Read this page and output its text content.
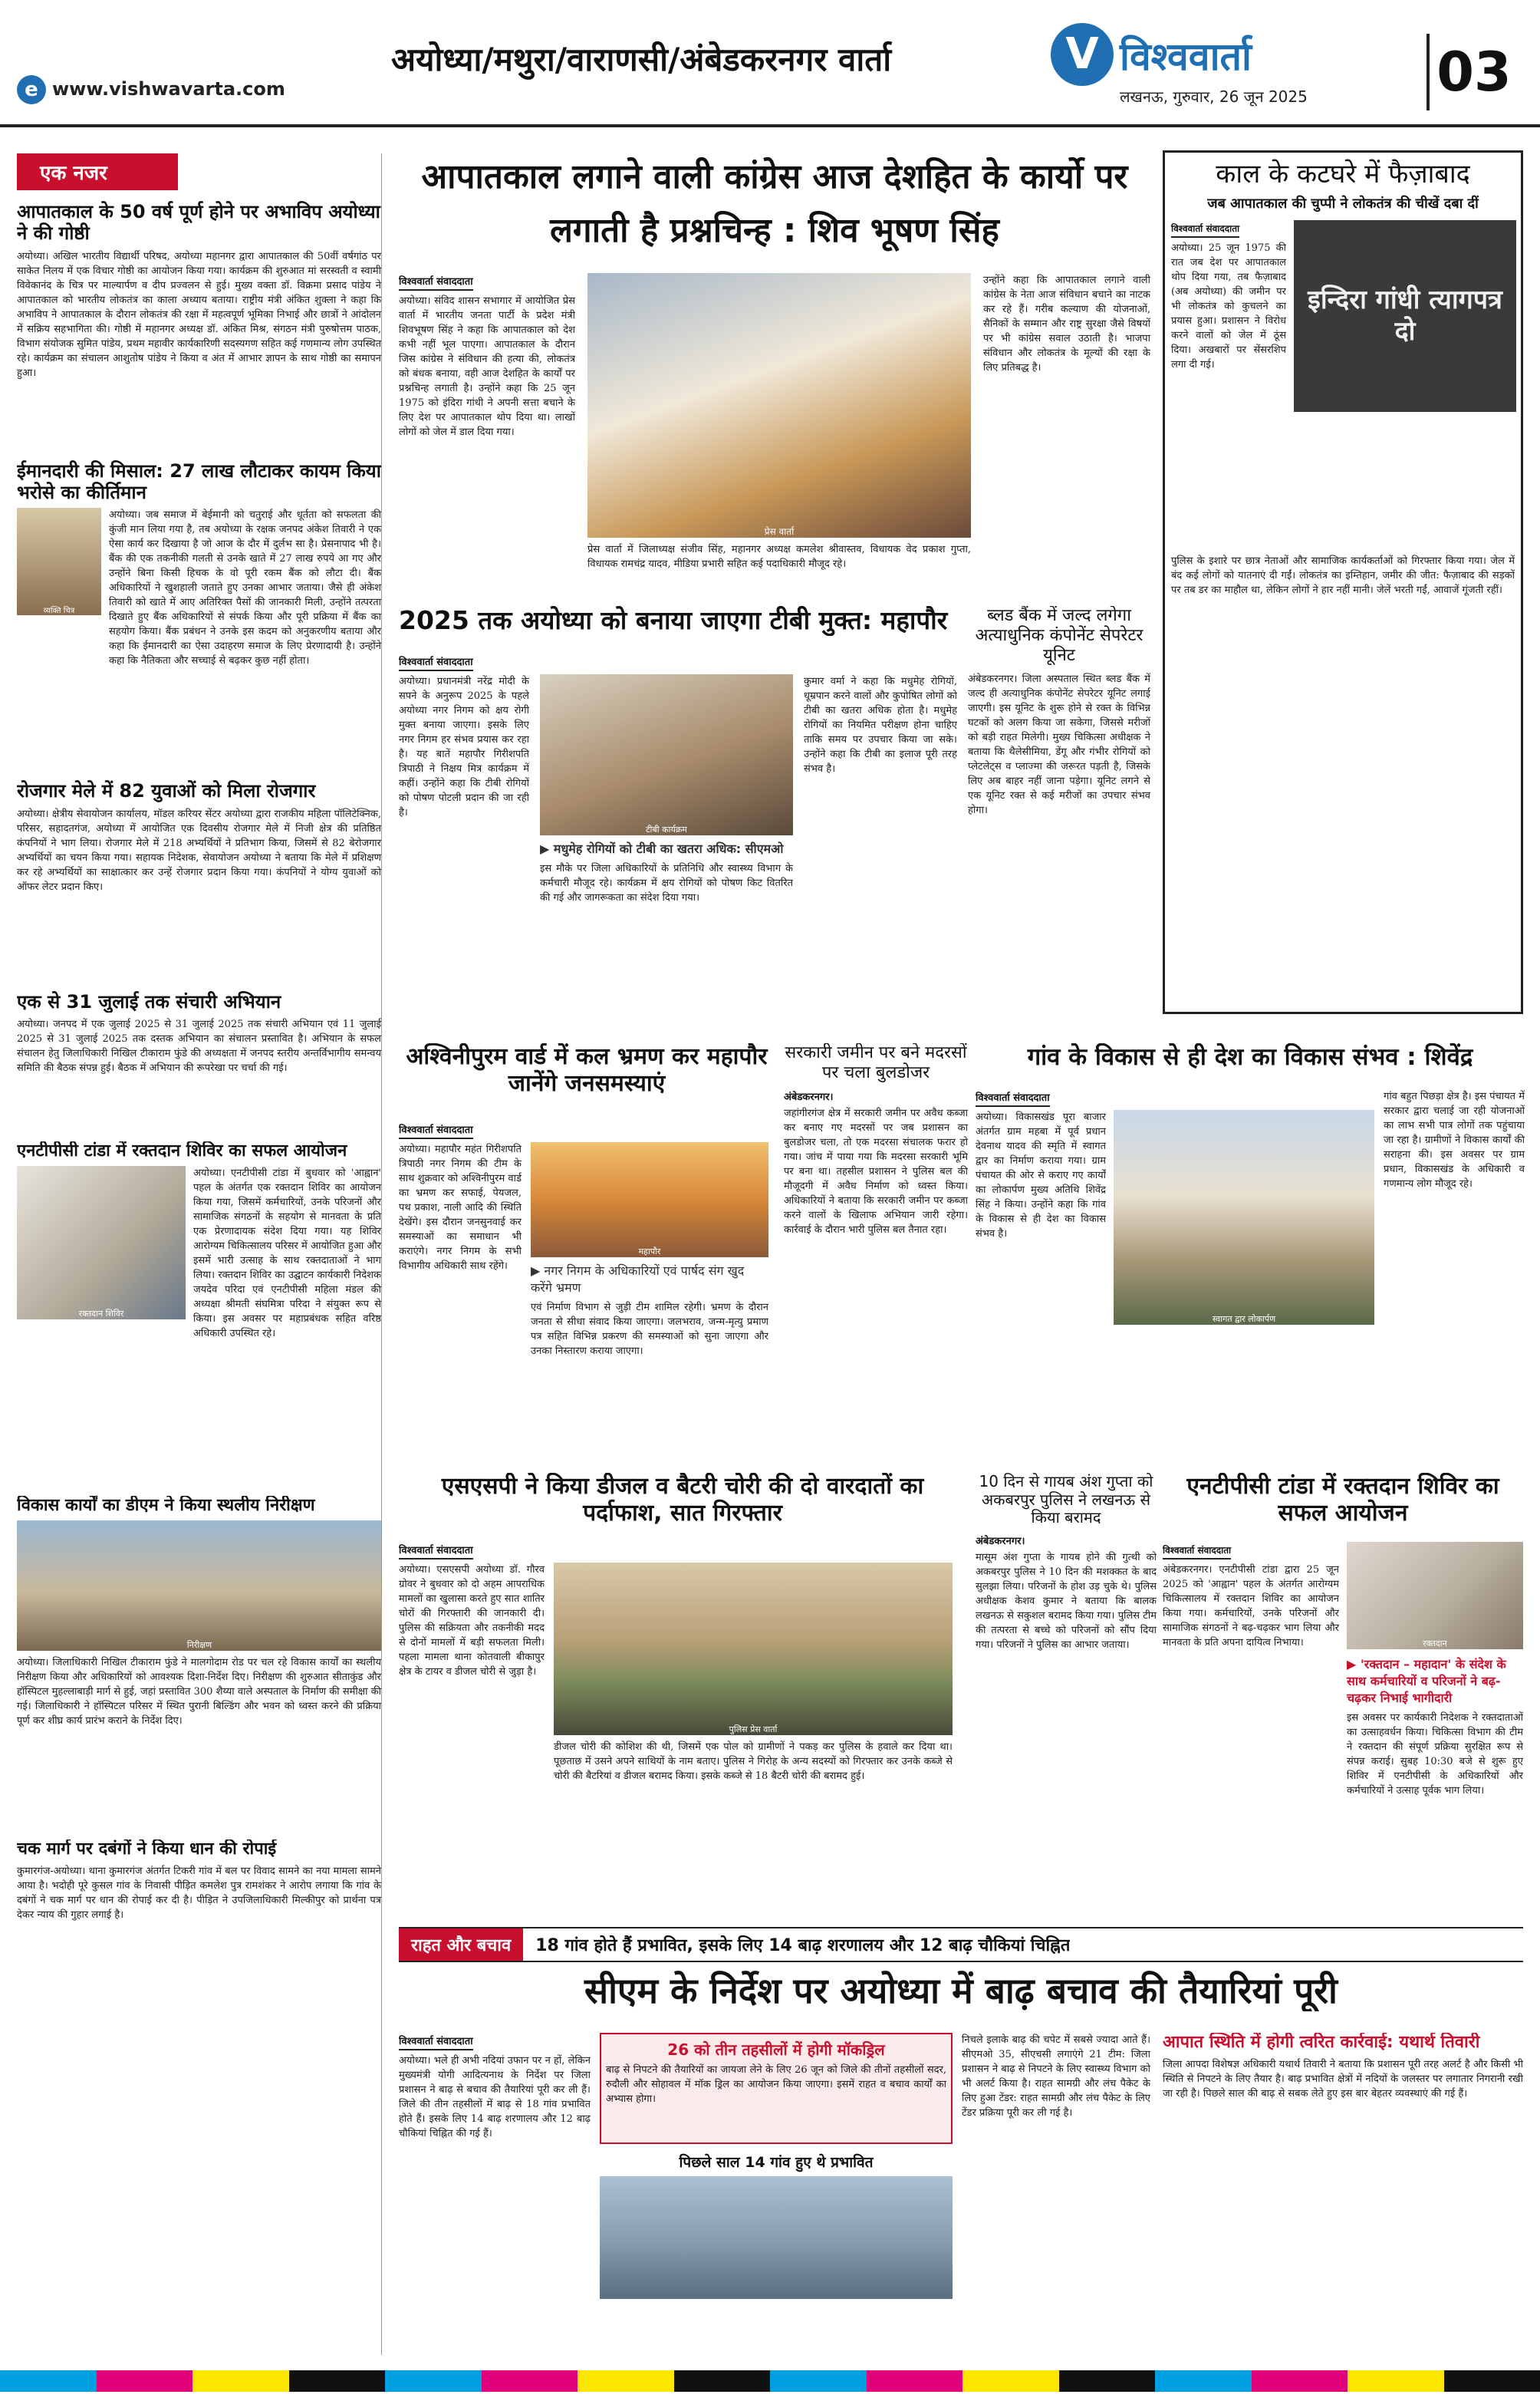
अयोध्या/मथुरा/वाराणसी/अंबेडकरनगर वार्ता
e www.vishwavarta.com
V विश्ववार्ता
लखनऊ, गुरुवार, 26 जून 2025 03
एक नजर
आपातकाल के 50 वर्ष पूर्ण होने पर अभाविप अयोध्या ने की गोष्ठी
अयोध्या। अखिल भारतीय विद्यार्थी परिषद, अयोध्या महानगर द्वारा आपातकाल की 50वीं वर्षगांठ पर साकेत निलय में एक विचार गोष्ठी का आयोजन किया गया। कार्यक्रम की शुरुआत मां सरस्वती व स्वामी विवेकानंद के चित्र पर माल्यार्पण व दीप प्रज्वलन से हुई। मुख्य वक्ता डॉ. विक्रमा प्रसाद पांडेय ने आपातकाल को भारतीय लोकतंत्र का काला अध्याय बताया। राष्ट्रीय मंत्री अंकित शुक्ला ने कहा कि अभाविप ने आपातकाल के दौरान लोकतंत्र की रक्षा में महत्वपूर्ण भूमिका निभाई और छात्रों ने आंदोलन में सक्रिय सहभागिता की। गोष्ठी में महानगर अध्यक्ष डॉ. अंकित मिश्र, संगठन मंत्री पुरुषोत्तम पाठक, विभाग संयोजक सुमित पांडेय, प्रथम महावीर कार्यकारिणी सदस्यगण सहित कई गणमान्य लोग उपस्थित रहे। कार्यक्रम का संचालन आशुतोष पांडेय ने किया व अंत में आभार ज्ञापन के साथ गोष्ठी का समापन हुआ।
ईमानदारी की मिसाल: 27 लाख लौटाकर कायम किया भरोसे का कीर्तिमान
व्यक्ति चित्र
अयोध्या। जब समाज में बेईमानी को चतुराई और धूर्तता को सफलता की कुंजी मान लिया गया है, तब अयोध्या के रक्षक जनपद अंकेश तिवारी ने एक ऐसा कार्य कर दिखाया है जो आज के दौर में दुर्लभ सा है। प्रेसनापाद भी है। बैंक की एक तकनीकी गलती से उनके खाते में 27 लाख रुपये आ गए और उन्होंने बिना किसी हिचक के वो पूरी रकम बैंक को लौटा दी। बैंक अधिकारियों ने खुशहाली जताते हुए उनका आभार जताया। जैसे ही अंकेश तिवारी को खाते में आए अतिरिक्त पैसों की जानकारी मिली, उन्होंने तत्परता दिखाते हुए बैंक अधिकारियों से संपर्क किया और पूरी प्रक्रिया में बैंक का सहयोग किया। बैंक प्रबंधन ने उनके इस कदम को अनुकरणीय बताया और कहा कि ईमानदारी का ऐसा उदाहरण समाज के लिए प्रेरणादायी है। उन्होंने कहा कि नैतिकता और सच्चाई से बढ़कर कुछ नहीं होता।
रोजगार मेले में 82 युवाओं को मिला रोजगार
अयोध्या। क्षेत्रीय सेवायोजन कार्यालय, मॉडल करियर सेंटर अयोध्या द्वारा राजकीय महिला पॉलिटेक्निक, परिसर, सहादतगंज, अयोध्या में आयोजित एक दिवसीय रोजगार मेले में निजी क्षेत्र की प्रतिष्ठित कंपनियों ने भाग लिया। रोजगार मेले में 218 अभ्यर्थियों ने प्रतिभाग किया, जिसमें से 82 बेरोजगार अभ्यर्थियों का चयन किया गया। सहायक निदेशक, सेवायोजन अयोध्या ने बताया कि मेले में प्रशिक्षण कर रहे अभ्यर्थियों का साक्षात्कार कर उन्हें रोजगार प्रदान किया गया। कंपनियों ने योग्य युवाओं को ऑफर लेटर प्रदान किए।
एक से 31 जुलाई तक संचारी अभियान
अयोध्या। जनपद में एक जुलाई 2025 से 31 जुलाई 2025 तक संचारी अभियान एवं 11 जुलाई 2025 से 31 जुलाई 2025 तक दस्तक अभियान का संचालन प्रस्तावित है। अभियान के सफल संचालन हेतु जिलाधिकारी निखिल टीकाराम फुंडे की अध्यक्षता में जनपद स्तरीय अन्तर्विभागीय समन्वय समिति की बैठक संपन्न हुई। बैठक में अभियान की रूपरेखा पर चर्चा की गई।
एनटीपीसी टांडा में रक्तदान शिविर का सफल आयोजन
रक्तदान शिविर
अयोध्या। एनटीपीसी टांडा में बुधवार को 'आह्वान' पहल के अंतर्गत एक रक्तदान शिविर का आयोजन किया गया, जिसमें कर्मचारियों, उनके परिजनों और सामाजिक संगठनों के सहयोग से मानवता के प्रति एक प्रेरणादायक संदेश दिया गया। यह शिविर आरोग्यम चिकित्सालय परिसर में आयोजित हुआ और इसमें भारी उत्साह के साथ रक्तदाताओं ने भाग लिया। रक्तदान शिविर का उद्घाटन कार्यकारी निदेशक जयदेव परिदा एवं एनटीपीसी महिला मंडल की अध्यक्षा श्रीमती संघमित्रा परिदा ने संयुक्त रूप से किया। इस अवसर पर महाप्रबंधक सहित वरिष्ठ अधिकारी उपस्थित रहे।
विकास कार्यों का डीएम ने किया स्थलीय निरीक्षण
निरीक्षण
अयोध्या। जिलाधिकारी निखिल टीकाराम फुंडे ने मालगोदाम रोड पर चल रहे विकास कार्यों का स्थलीय निरीक्षण किया और अधिकारियों को आवश्यक दिशा-निर्देश दिए। निरीक्षण की शुरुआत सीताकुंड और हॉस्पिटल मुहल्लाबाड़ी मार्ग से हुई, जहां प्रस्तावित 300 शैय्या वाले अस्पताल के निर्माण की समीक्षा की गई। जिलाधिकारी ने हॉस्पिटल परिसर में स्थित पुरानी बिल्डिंग और भवन को ध्वस्त करने की प्रक्रिया पूर्ण कर शीघ्र कार्य प्रारंभ कराने के निर्देश दिए।
चक मार्ग पर दबंगों ने किया धान की रोपाई
कुमारगंज-अयोध्या। थाना कुमारगंज अंतर्गत टिकरी गांव में बल पर विवाद सामने का नया मामला सामने आया है। भदोही पूरे कुसल गांव के निवासी पीड़ित कमलेश पुत्र रामशंकर ने आरोप लगाया कि गांव के दबंगों ने चक मार्ग पर धान की रोपाई कर दी है। पीड़ित ने उपजिलाधिकारी मिल्कीपुर को प्रार्थना पत्र देकर न्याय की गुहार लगाई है।
आपातकाल लगाने वाली कांग्रेस आज देशहित के कार्यो पर लगाती है प्रश्नचिन्ह : शिव भूषण सिंह
विश्ववार्ता संवाददाता
अयोध्या। संविद शासन सभागार में आयोजित प्रेस वार्ता में भारतीय जनता पार्टी के प्रदेश मंत्री शिवभूषण सिंह ने कहा कि आपातकाल को देश कभी नहीं भूल पाएगा। आपातकाल के दौरान जिस कांग्रेस ने संविधान की हत्या की, लोकतंत्र को बंधक बनाया, वही आज देशहित के कार्यों पर प्रश्नचिन्ह लगाती है। उन्होंने कहा कि 25 जून 1975 को इंदिरा गांधी ने अपनी सत्ता बचाने के लिए देश पर आपातकाल थोप दिया था। लाखों लोगों को जेल में डाल दिया गया।
प्रेस वार्ता
प्रेस वार्ता में जिलाध्यक्ष संजीव सिंह, महानगर अध्यक्ष कमलेश श्रीवास्तव, विधायक वेद प्रकाश गुप्ता, विधायक रामचंद्र यादव, मीडिया प्रभारी सहित कई पदाधिकारी मौजूद रहे।
उन्होंने कहा कि आपातकाल लगाने वाली कांग्रेस के नेता आज संविधान बचाने का नाटक कर रहे हैं। गरीब कल्याण की योजनाओं, सैनिकों के सम्मान और राष्ट्र सुरक्षा जैसे विषयों पर भी कांग्रेस सवाल उठाती है। भाजपा संविधान और लोकतंत्र के मूल्यों की रक्षा के लिए प्रतिबद्ध है।
2025 तक अयोध्या को बनाया जाएगा टीबी मुक्त: महापौर
विश्ववार्ता संवाददाता
अयोध्या। प्रधानमंत्री नरेंद्र मोदी के सपने के अनुरूप 2025 के पहले अयोध्या नगर निगम को क्षय रोगी मुक्त बनाया जाएगा। इसके लिए नगर निगम हर संभव प्रयास कर रहा है। यह बातें महापौर गिरीशपति त्रिपाठी ने निक्षय मित्र कार्यक्रम में कहीं। उन्होंने कहा कि टीबी रोगियों को पोषण पोटली प्रदान की जा रही है।
टीबी कार्यक्रम
▶ मधुमेह रोगियों को टीबी का खतरा अधिक: सीएमओ
इस मौके पर जिला अधिकारियों के प्रतिनिधि और स्वास्थ्य विभाग के कर्मचारी मौजूद रहे। कार्यक्रम में क्षय रोगियों को पोषण किट वितरित की गई और जागरूकता का संदेश दिया गया।
कुमार वर्मा ने कहा कि मधुमेह रोगियों, धूम्रपान करने वालों और कुपोषित लोगों को टीबी का खतरा अधिक होता है। मधुमेह रोगियों का नियमित परीक्षण होना चाहिए ताकि समय पर उपचार किया जा सके। उन्होंने कहा कि टीबी का इलाज पूरी तरह संभव है।
ब्लड बैंक में जल्द लगेगा अत्याधुनिक कंपोनेंट सेपरेटर यूनिट
अंबेडकरनगर। जिला अस्पताल स्थित ब्लड बैंक में जल्द ही अत्याधुनिक कंपोनेंट सेपरेटर यूनिट लगाई जाएगी। इस यूनिट के शुरू होने से रक्त के विभिन्न घटकों को अलग किया जा सकेगा, जिससे मरीजों को बड़ी राहत मिलेगी। मुख्य चिकित्सा अधीक्षक ने बताया कि थैलेसीमिया, डेंगू और गंभीर रोगियों को प्लेटलेट्स व प्लाज्मा की जरूरत पड़ती है, जिसके लिए अब बाहर नहीं जाना पड़ेगा। यूनिट लगने से एक यूनिट रक्त से कई मरीजों का उपचार संभव होगा।
अश्विनीपुरम वार्ड में कल भ्रमण कर महापौर जानेंगे जनसमस्याएं
विश्ववार्ता संवाददाता
अयोध्या। महापौर महंत गिरीशपति त्रिपाठी नगर निगम की टीम के साथ शुक्रवार को अश्विनीपुरम वार्ड का भ्रमण कर सफाई, पेयजल, पथ प्रकाश, नाली आदि की स्थिति देखेंगे। इस दौरान जनसुनवाई कर समस्याओं का समाधान भी कराएंगे। नगर निगम के सभी विभागीय अधिकारी साथ रहेंगे।
महापौर
▶ नगर निगम के अधिकारियों एवं पार्षद संग खुद करेंगे भ्रमण
एवं निर्माण विभाग से जुड़ी टीम शामिल रहेगी। भ्रमण के दौरान जनता से सीधा संवाद किया जाएगा। जलभराव, जन्म-मृत्यु प्रमाण पत्र सहित विभिन्न प्रकरण की समस्याओं को सुना जाएगा और उनका निस्तारण कराया जाएगा।
सरकारी जमीन पर बने मदरसों पर चला बुलडोजर
अंबेडकरनगर।
जहांगीरगंज क्षेत्र में सरकारी जमीन पर अवैध कब्जा कर बनाए गए मदरसों पर जब प्रशासन का बुलडोजर चला, तो एक मदरसा संचालक फरार हो गया। जांच में पाया गया कि मदरसा सरकारी भूमि पर बना था। तहसील प्रशासन ने पुलिस बल की मौजूदगी में अवैध निर्माण को ध्वस्त किया। अधिकारियों ने बताया कि सरकारी जमीन पर कब्जा करने वालों के खिलाफ अभियान जारी रहेगा। कार्रवाई के दौरान भारी पुलिस बल तैनात रहा।
एसएसपी ने किया डीजल व बैटरी चोरी की दो वारदातों का पर्दाफाश, सात गिरफ्तार
विश्ववार्ता संवाददाता
अयोध्या। एसएसपी अयोध्या डॉ. गौरव ग्रोवर ने बुधवार को दो अहम आपराधिक मामलों का खुलासा करते हुए सात शातिर चोरों की गिरफ्तारी की जानकारी दी। पुलिस की सक्रियता और तकनीकी मदद से दोनों मामलों में बड़ी सफलता मिली। पहला मामला थाना कोतवाली बीकापुर क्षेत्र के टायर व डीजल चोरी से जुड़ा है।
पुलिस प्रेस वार्ता
डीजल चोरी की कोशिश की थी, जिसमें एक पोल को ग्रामीणों ने पकड़ कर पुलिस के हवाले कर दिया था। पूछताछ में उसने अपने साथियों के नाम बताए। पुलिस ने गिरोह के अन्य सदस्यों को गिरफ्तार कर उनके कब्जे से चोरी की बैटरियां व डीजल बरामद किया। इसके कब्जे से 18 बैटरी चोरी की बरामद हुई।
10 दिन से गायब अंश गुप्ता को अकबरपुर पुलिस ने लखनऊ से किया बरामद
अंबेडकरनगर।
मासूम अंश गुप्ता के गायब होने की गुत्थी को अकबरपुर पुलिस ने 10 दिन की मशक्कत के बाद सुलझा लिया। परिजनों के होश उड़ चुके थे। पुलिस अधीक्षक केशव कुमार ने बताया कि बालक लखनऊ से सकुशल बरामद किया गया। पुलिस टीम की तत्परता से बच्चे को परिजनों को सौंप दिया गया। परिजनों ने पुलिस का आभार जताया।
काल के कटघरे में फैज़ाबाद
जब आपातकाल की चुप्पी ने लोकतंत्र की चीखें दबा दीं
विश्ववार्ता संवाददाता
अयोध्या। 25 जून 1975 की रात जब देश पर आपातकाल थोप दिया गया, तब फैज़ाबाद (अब अयोध्या) की जमीन पर भी लोकतंत्र को कुचलने का प्रयास हुआ। प्रशासन ने विरोध करने वालों को जेल में ठूंस दिया। अखबारों पर सेंसरशिप लगा दी गई।
इन्दिरा गांधी त्यागपत्र दो
पुलिस के इशारे पर छात्र नेताओं और सामाजिक कार्यकर्ताओं को गिरफ्तार किया गया। जेल में बंद कई लोगों को यातनाएं दी गईं। लोकतंत्र का इम्तिहान, जमीर की जीत: फैज़ाबाद की सड़कों पर तब डर का माहौल था, लेकिन लोगों ने हार नहीं मानी। जेलें भरती गईं, आवाजें गूंजती रहीं।
गांव के विकास से ही देश का विकास संभव : शिवेंद्र
विश्ववार्ता संवाददाता
अयोध्या। विकासखंड पूरा बाजार अंतर्गत ग्राम महबा में पूर्व प्रधान देवनाथ यादव की स्मृति में स्वागत द्वार का निर्माण कराया गया। ग्राम पंचायत की ओर से कराए गए कार्यों का लोकार्पण मुख्य अतिथि शिवेंद्र सिंह ने किया। उन्होंने कहा कि गांव के विकास से ही देश का विकास संभव है।
स्वागत द्वार लोकार्पण
गांव बहुत पिछड़ा क्षेत्र है। इस पंचायत में सरकार द्वारा चलाई जा रही योजनाओं का लाभ सभी पात्र लोगों तक पहुंचाया जा रहा है। ग्रामीणों ने विकास कार्यों की सराहना की। इस अवसर पर ग्राम प्रधान, विकासखंड के अधिकारी व गणमान्य लोग मौजूद रहे।
एनटीपीसी टांडा में रक्तदान शिविर का सफल आयोजन
विश्ववार्ता संवाददाता
अंबेडकरनगर। एनटीपीसी टांडा द्वारा 25 जून 2025 को 'आह्वान' पहल के अंतर्गत आरोग्यम चिकित्सालय में रक्तदान शिविर का आयोजन किया गया। कर्मचारियों, उनके परिजनों और सामाजिक संगठनों ने बढ़-चढ़कर भाग लिया और मानवता के प्रति अपना दायित्व निभाया।	रक्तदान
▶ 'रक्तदान – महादान' के संदेश के साथ कर्मचारियों व परिजनों ने बढ़-चढ़कर निभाई भागीदारी
इस अवसर पर कार्यकारी निदेशक ने रक्तदाताओं का उत्साहवर्धन किया। चिकित्सा विभाग की टीम ने रक्तदान की संपूर्ण प्रक्रिया सुरक्षित रूप से संपन्न कराई। सुबह 10:30 बजे से शुरू हुए शिविर में एनटीपीसी के अधिकारियों और कर्मचारियों ने उत्साह पूर्वक भाग लिया।
राहत और बचाव	18 गांव होते हैं प्रभावित, इसके लिए 14 बाढ़ शरणालय और 12 बाढ़ चौकियां चिह्नित
सीएम के निर्देश पर अयोध्या में बाढ़ बचाव की तैयारियां पूरी
विश्ववार्ता संवाददाता
अयोध्या। भले ही अभी नदियां उफान पर न हों, लेकिन मुख्यमंत्री योगी आदित्यनाथ के निर्देश पर जिला प्रशासन ने बाढ़ से बचाव की तैयारियां पूरी कर ली हैं। जिले की तीन तहसीलों में बाढ़ से 18 गांव प्रभावित होते हैं। इसके लिए 14 बाढ़ शरणालय और 12 बाढ़ चौकियां चिह्नित की गई हैं।
26 को तीन तहसीलों में होगी मॉकड्रिल
बाढ़ से निपटने की तैयारियों का जायजा लेने के लिए 26 जून को जिले की तीनों तहसीलों सदर, रुदौली और सोहावल में मॉक ड्रिल का आयोजन किया जाएगा। इसमें राहत व बचाव कार्यों का अभ्यास होगा।
पिछले साल 14 गांव हुए थे प्रभावित
निचले इलाके बाढ़ की चपेट में सबसे ज्यादा आते हैं। सीएमओ 35, सीएचसी लगाएंगे 21 टीम: जिला प्रशासन ने बाढ़ से निपटने के लिए स्वास्थ्य विभाग को भी अलर्ट किया है। राहत सामग्री और लंच पैकेट के लिए हुआ टेंडर: राहत सामग्री और लंच पैकेट के लिए टेंडर प्रक्रिया पूरी कर ली गई है।
आपात स्थिति में होगी त्वरित कार्रवाई: यथार्थ तिवारी
जिला आपदा विशेषज्ञ अधिकारी यथार्थ तिवारी ने बताया कि प्रशासन पूरी तरह अलर्ट है और किसी भी स्थिति से निपटने के लिए तैयार है। बाढ़ प्रभावित क्षेत्रों में नदियों के जलस्तर पर लगातार निगरानी रखी जा रही है। पिछले साल की बाढ़ से सबक लेते हुए इस बार बेहतर व्यवस्थाएं की गई हैं।
